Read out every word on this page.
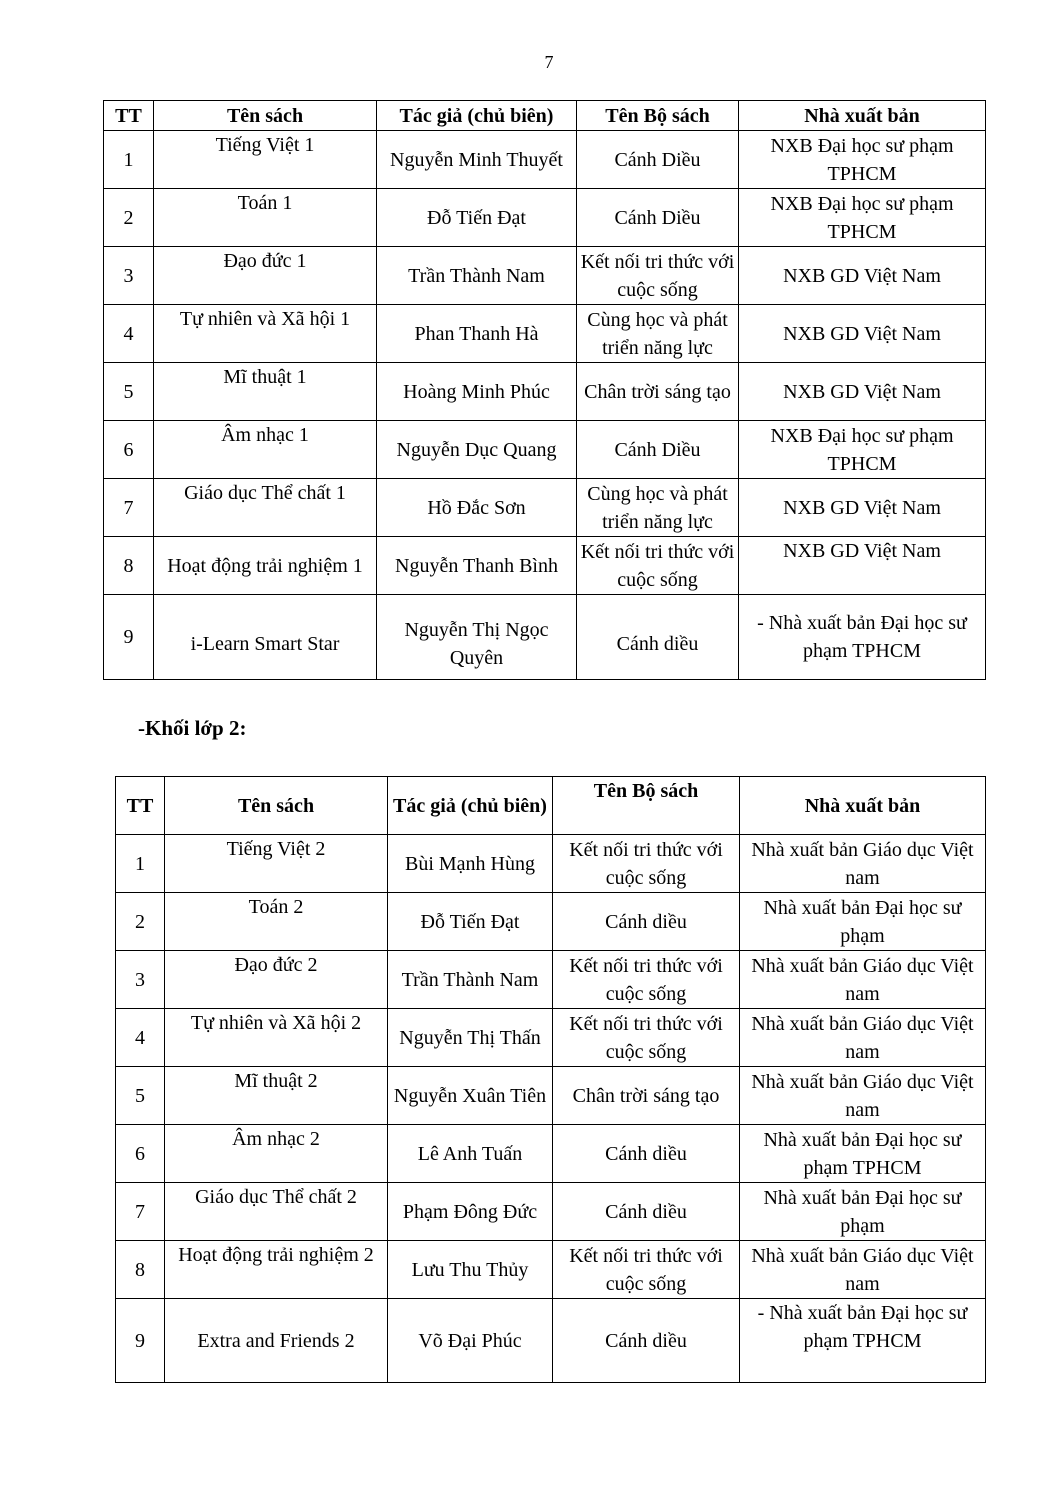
7
TT	Tên sách	Tác giả (chủ biên)	Tên Bộ sách	Nhà xuất bản
1	Tiếng Việt 1	Nguyễn Minh Thuyết	Cánh Diều	NXB Đại học sư phạm TPHCM
2	Toán 1	Đỗ Tiến Đạt	Cánh Diều	NXB Đại học sư phạm TPHCM
3	Đạo đức 1	Trần Thành Nam	Kết nối tri thức với cuộc sống	NXB GD Việt Nam
4	Tự nhiên và Xã hội 1	Phan Thanh Hà	Cùng học và phát triển năng lực	NXB GD Việt Nam
5	Mĩ thuật 1	Hoàng Minh Phúc	Chân trời sáng tạo	NXB GD Việt Nam
6	Âm nhạc 1	Nguyễn Dục Quang	Cánh Diều	NXB Đại học sư phạm TPHCM
7	Giáo dục Thể chất 1	Hồ Đắc Sơn	Cùng học và phát triển năng lực	NXB GD Việt Nam
8	Hoạt động trải nghiệm 1	Nguyễn Thanh Bình	Kết nối tri thức với cuộc sống	NXB GD Việt Nam
9	i-Learn Smart Star	Nguyễn Thị Ngọc Quyên	Cánh diều	- Nhà xuất bản Đại học sư phạm TPHCM
-Khối lớp 2:
TT	Tên sách	Tác giả (chủ biên)	Tên Bộ sách	Nhà xuất bản
1	Tiếng Việt 2	Bùi Mạnh Hùng	Kết nối tri thức với cuộc sống	Nhà xuất bản Giáo dục Việt nam
2	Toán 2	Đỗ Tiến Đạt	Cánh diều	Nhà xuất bản Đại học sư phạm
3	Đạo đức 2	Trần Thành Nam	Kết nối tri thức với cuộc sống	Nhà xuất bản Giáo dục Việt nam
4	Tự nhiên và Xã hội 2	Nguyễn Thị Thấn	Kết nối tri thức với cuộc sống	Nhà xuất bản Giáo dục Việt nam
5	Mĩ thuật 2	Nguyễn Xuân Tiên	Chân trời sáng tạo	Nhà xuất bản Giáo dục Việt nam
6	Âm nhạc 2	Lê Anh Tuấn	Cánh diều	Nhà xuất bản Đại học sư phạm TPHCM
7	Giáo dục Thể chất 2	Phạm Đông Đức	Cánh diều	Nhà xuất bản Đại học sư phạm
8	Hoạt động trải nghiệm 2	Lưu Thu Thủy	Kết nối tri thức với cuộc sống	Nhà xuất bản Giáo dục Việt nam
9	Extra and Friends 2	Võ Đại Phúc	Cánh diều	- Nhà xuất bản Đại học sư phạm TPHCM
